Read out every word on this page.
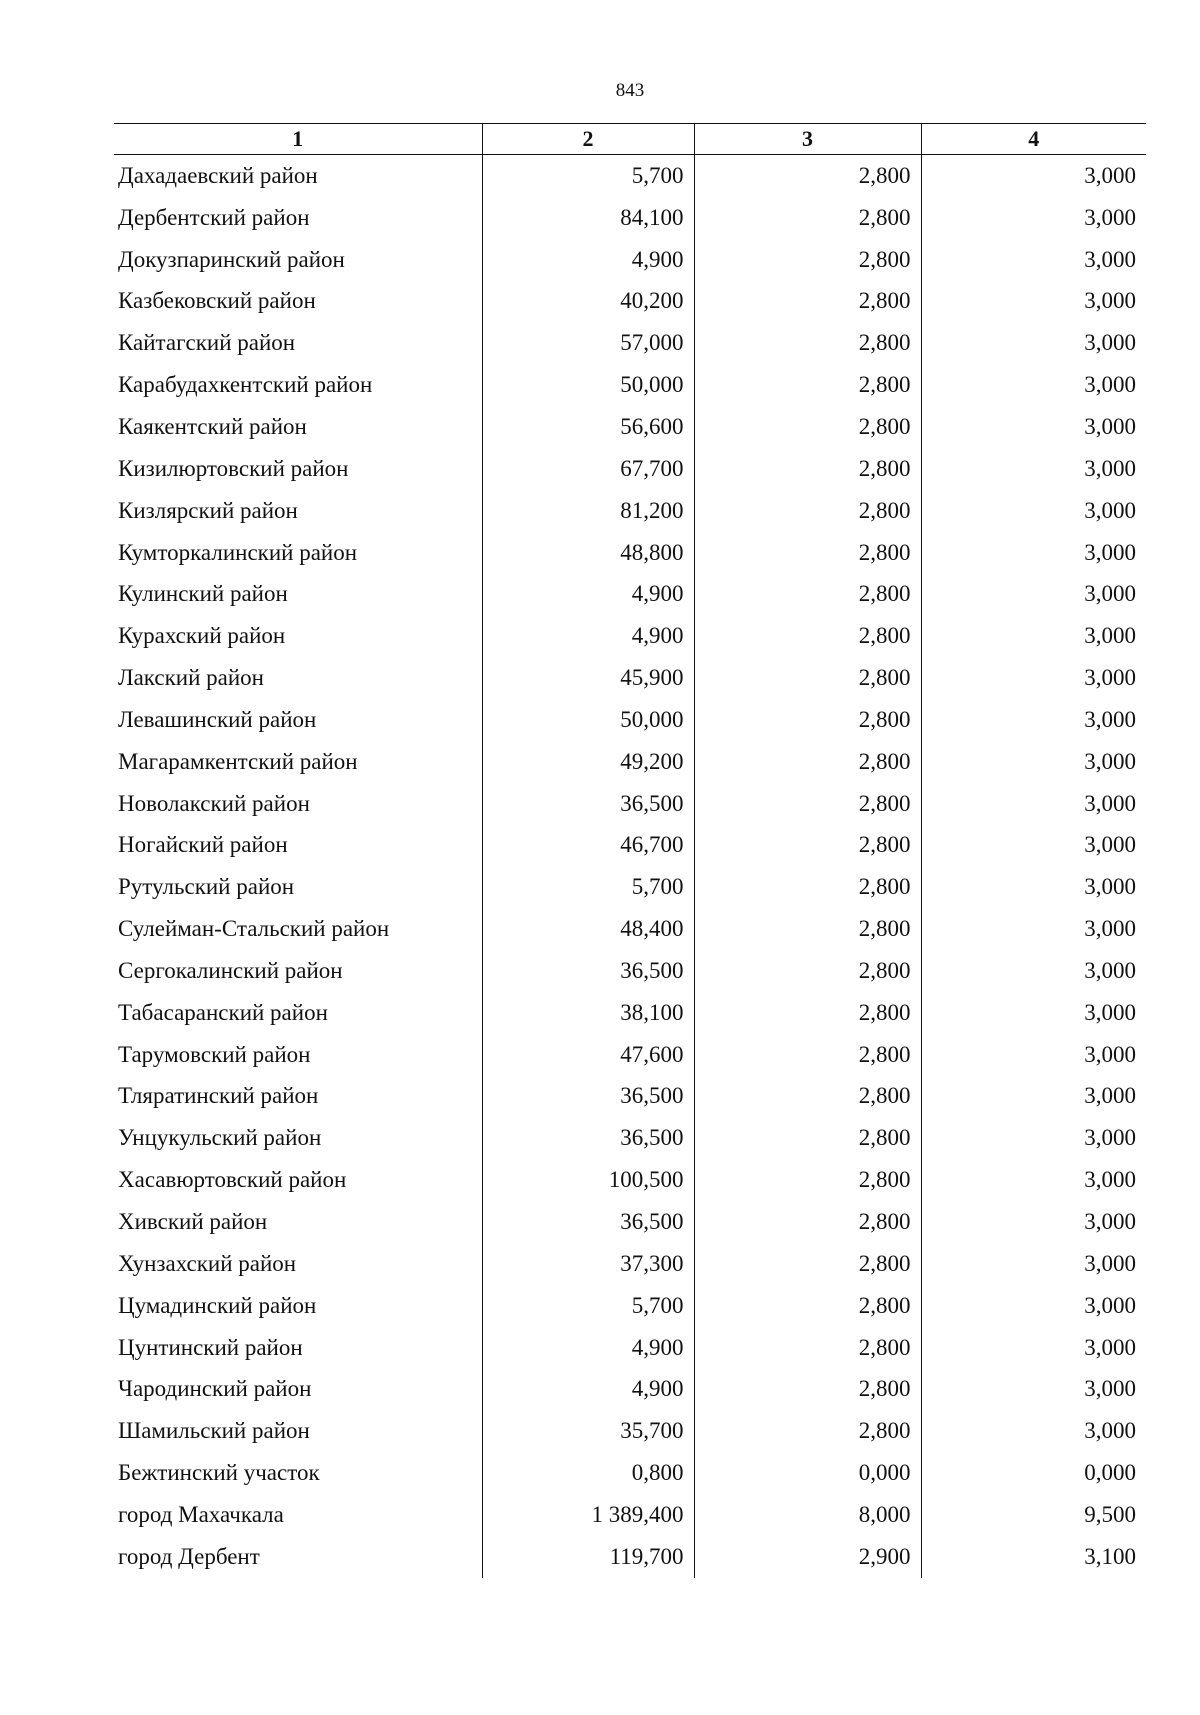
843
1	2	3	4
Дахадаевский район	5,700	2,800	3,000
Дербентский район	84,100	2,800	3,000
Докузпаринский район	4,900	2,800	3,000
Казбековский район	40,200	2,800	3,000
Кайтагский район	57,000	2,800	3,000
Карабудахкентский район	50,000	2,800	3,000
Каякентский район	56,600	2,800	3,000
Кизилюртовский район	67,700	2,800	3,000
Кизлярский район	81,200	2,800	3,000
Кумторкалинский район	48,800	2,800	3,000
Кулинский район	4,900	2,800	3,000
Курахский район	4,900	2,800	3,000
Лакский район	45,900	2,800	3,000
Левашинский район	50,000	2,800	3,000
Магарамкентский район	49,200	2,800	3,000
Новолакский район	36,500	2,800	3,000
Ногайский район	46,700	2,800	3,000
Рутульский район	5,700	2,800	3,000
Сулейман-Стальский район	48,400	2,800	3,000
Сергокалинский район	36,500	2,800	3,000
Табасаранский район	38,100	2,800	3,000
Тарумовский район	47,600	2,800	3,000
Тляратинский район	36,500	2,800	3,000
Унцукульский район	36,500	2,800	3,000
Хасавюртовский район	100,500	2,800	3,000
Хивский район	36,500	2,800	3,000
Хунзахский район	37,300	2,800	3,000
Цумадинский район	5,700	2,800	3,000
Цунтинский район	4,900	2,800	3,000
Чародинский район	4,900	2,800	3,000
Шамильский район	35,700	2,800	3,000
Бежтинский участок	0,800	0,000	0,000
город Махачкала	1 389,400	8,000	9,500
город Дербент	119,700	2,900	3,100
